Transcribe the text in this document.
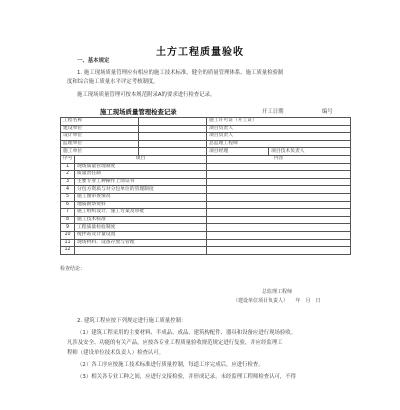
土方工程质量验收
一、基本规定
1. 施工现场质量管理应有相应的施工技术标准，健全的质量管理体系、施工质量检验制
度和综合施工质量水平评定考核制度。
施工现场质量管理可按本规范附录A的要求进行检查记录。
施工现场质量管理检查记录	开工日期	编号
工程名称			施工许可证（开工证）	
建设单位			项目负责人	
设计单位			项目负责人	
监理单位			总监理工程师	
施工单位			项目经理	项目技术负责人
序号	项目		内容	
1	现场质量管理制度			
2	质量责任制			
3	主要专业工种操作上岗证书			
4	分包方资质与对分包单位的管理制度			
5	施工图审查情况			
6	地质勘察资料			
7	施工组织设计、施工方案及审批			
8	施工技术标准			
9	工程质量检验制度			
10	搅拌站及计量设置			
11	现场材料、设备存放与管理			
12				
检查结论：
总监理工程师
（建设单位项目负责人）　　年　月　日
2. 建筑工程应按下列规定进行施工质量控制：
（1）建筑工程采用的主要材料、半成品、成品、建筑构配件、器具和设备应进行现场验收。
凡涉及安全、功能的有关产品，应按各专业工程质量验收规范规定进行复验，并应经监理工
程师（建设单位技术负责人）检查认可。
（2）各工序应按施工技术标准进行质量控制，每道工序完成后，应进行检查。
（3）相关各专业工种之间，应进行交接检验，并形成记录。未经监理工程师检查认可，不得
